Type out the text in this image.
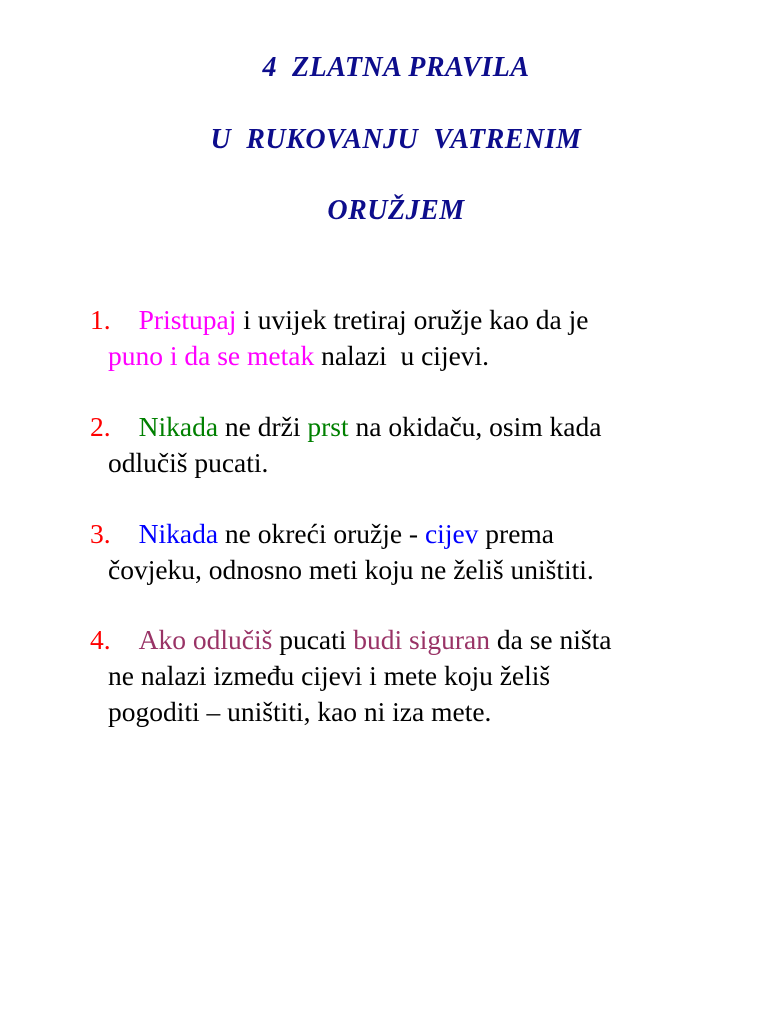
4  ZLATNA PRAVILA
U  RUKOVANJU  VATRENIM
ORUŽJEM
1. Pristupaj i uvijek tretiraj oružje kao da je
puno i da se metak nalazi  u cijevi.
2. Nikada ne drži prst na okidaču, osim kada
odlučiš pucati.
3. Nikada ne okreći oružje - cijev prema
čovjeku, odnosno meti koju ne želiš uništiti.
4. Ako odlučiš pucati budi siguran da se ništa
ne nalazi između cijevi i mete koju želiš
pogoditi – uništiti, kao ni iza mete.
